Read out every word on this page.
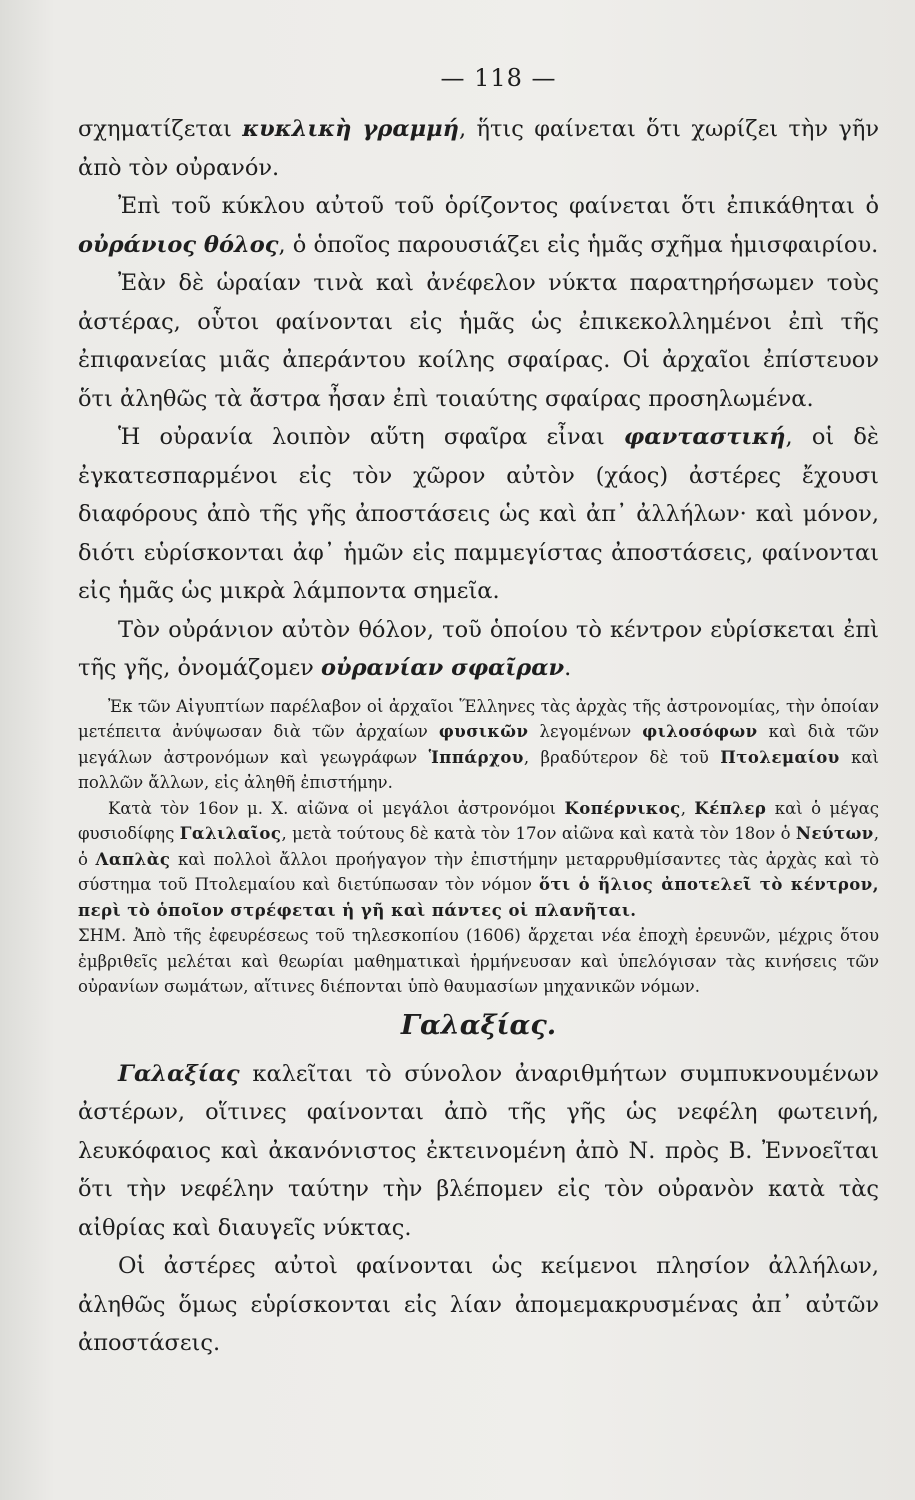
— 118 —

σχηματίζεται κυκλικὴ γραμμή, ἥτις φαίνεται ὅτι χωρίζει τὴν γῆν ἀπὸ τὸν οὐρανόν.

Ἐπὶ τοῦ κύκλου αὐτοῦ τοῦ ὁρίζοντος φαίνεται ὅτι ἐπικάθηται ὁ οὐράνιος θόλος, ὁ ὁποῖος παρουσιάζει εἰς ἡμᾶς σχῆμα ἡμισφαιρίου.

Ἐὰν δὲ ὡραίαν τινὰ καὶ ἀνέφελον νύκτα παρατηρήσωμεν τοὺς ἀστέρας, οὗτοι φαίνονται εἰς ἡμᾶς ὡς ἐπικεκολλημένοι ἐπὶ τῆς ἐπιφανείας μιᾶς ἀπεράντου κοίλης σφαίρας. Οἱ ἀρχαῖοι ἐπίστευον ὅτι ἀληθῶς τὰ ἄστρα ἦσαν ἐπὶ τοιαύτης σφαίρας προσηλωμένα.

Ἡ οὐρανία λοιπὸν αὕτη σφαῖρα εἶναι φανταστική, οἱ δὲ ἐγκατεσπαρμένοι εἰς τὸν χῶρον αὐτὸν (χάος) ἀστέρες ἔχουσι διαφόρους ἀπὸ τῆς γῆς ἀποστάσεις ὡς καὶ ἀπ᾽ ἀλλήλων· καὶ μόνον, διότι εὑρίσκονται ἀφ᾽ ἡμῶν εἰς παμμεγίστας ἀποστάσεις, φαίνονται εἰς ἡμᾶς ὡς μικρὰ λάμποντα σημεῖα.

Τὸν οὐράνιον αὐτὸν θόλον, τοῦ ὁποίου τὸ κέντρον εὑρίσκεται ἐπὶ τῆς γῆς, ὀνομάζομεν οὐρανίαν σφαῖραν.

Ἐκ τῶν Αἰγυπτίων παρέλαβον οἱ ἀρχαῖοι Ἕλληνες τὰς ἀρχὰς τῆς ἀστρονομίας, τὴν ὁποίαν μετέπειτα ἀνύψωσαν διὰ τῶν ἀρχαίων φυσικῶν λεγομένων φιλοσόφων καὶ διὰ τῶν μεγάλων ἀστρονόμων καὶ γεωγράφων Ἱππάρχου, βραδύτερον δὲ τοῦ Πτολεμαίου καὶ πολλῶν ἄλλων, εἰς ἀληθῆ ἐπιστήμην.

Κατὰ τὸν 16ον μ. Χ. αἰῶνα οἱ μεγάλοι ἀστρονόμοι Κοπέρνικος, Κέπλερ καὶ ὁ μέγας φυσιοδίφης Γαλιλαῖος, μετὰ τούτους δὲ κατὰ τὸν 17ον αἰῶνα καὶ κατὰ τὸν 18ον ὁ Νεύτων, ὁ Λαπλὰς καὶ πολλοὶ ἄλλοι προήγαγον τὴν ἐπιστήμην μεταρρυθμίσαντες τὰς ἀρχὰς καὶ τὸ σύστημα τοῦ Πτολεμαίου καὶ διετύπωσαν τὸν νόμον ὅτι ὁ ἥλιος ἀποτελεῖ τὸ κέντρον, περὶ τὸ ὁποῖον στρέφεται ἡ γῆ καὶ πάντες οἱ πλανῆται.

ΣΗΜ. Ἀπὸ τῆς ἐφευρέσεως τοῦ τηλεσκοπίου (1606) ἄρχεται νέα ἐποχὴ ἐρευνῶν, μέχρις ὅτου ἐμβριθεῖς μελέται καὶ θεωρίαι μαθηματικαὶ ἡρμήνευσαν καὶ ὑπελόγισαν τὰς κινήσεις τῶν οὐρανίων σωμάτων, αἵτινες διέπονται ὑπὸ θαυμασίων μηχανικῶν νόμων.

Γαλαξίας.

Γαλαξίας καλεῖται τὸ σύνολον ἀναριθμήτων συμπυκνουμένων ἀστέρων, οἵτινες φαίνονται ἀπὸ τῆς γῆς ὡς νεφέλη φωτεινή, λευκόφαιος καὶ ἀκανόνιστος ἐκτεινομένη ἀπὸ Ν. πρὸς Β. Ἐννοεῖται ὅτι τὴν νεφέλην ταύτην τὴν βλέπομεν εἰς τὸν οὐρανὸν κατὰ τὰς αἰθρίας καὶ διαυγεῖς νύκτας.

Οἱ ἀστέρες αὐτοὶ φαίνονται ὡς κείμενοι πλησίον ἀλλήλων, ἀληθῶς ὅμως εὑρίσκονται εἰς λίαν ἀπομεμακρυσμένας ἀπ᾽ αὐτῶν ἀποστάσεις.
